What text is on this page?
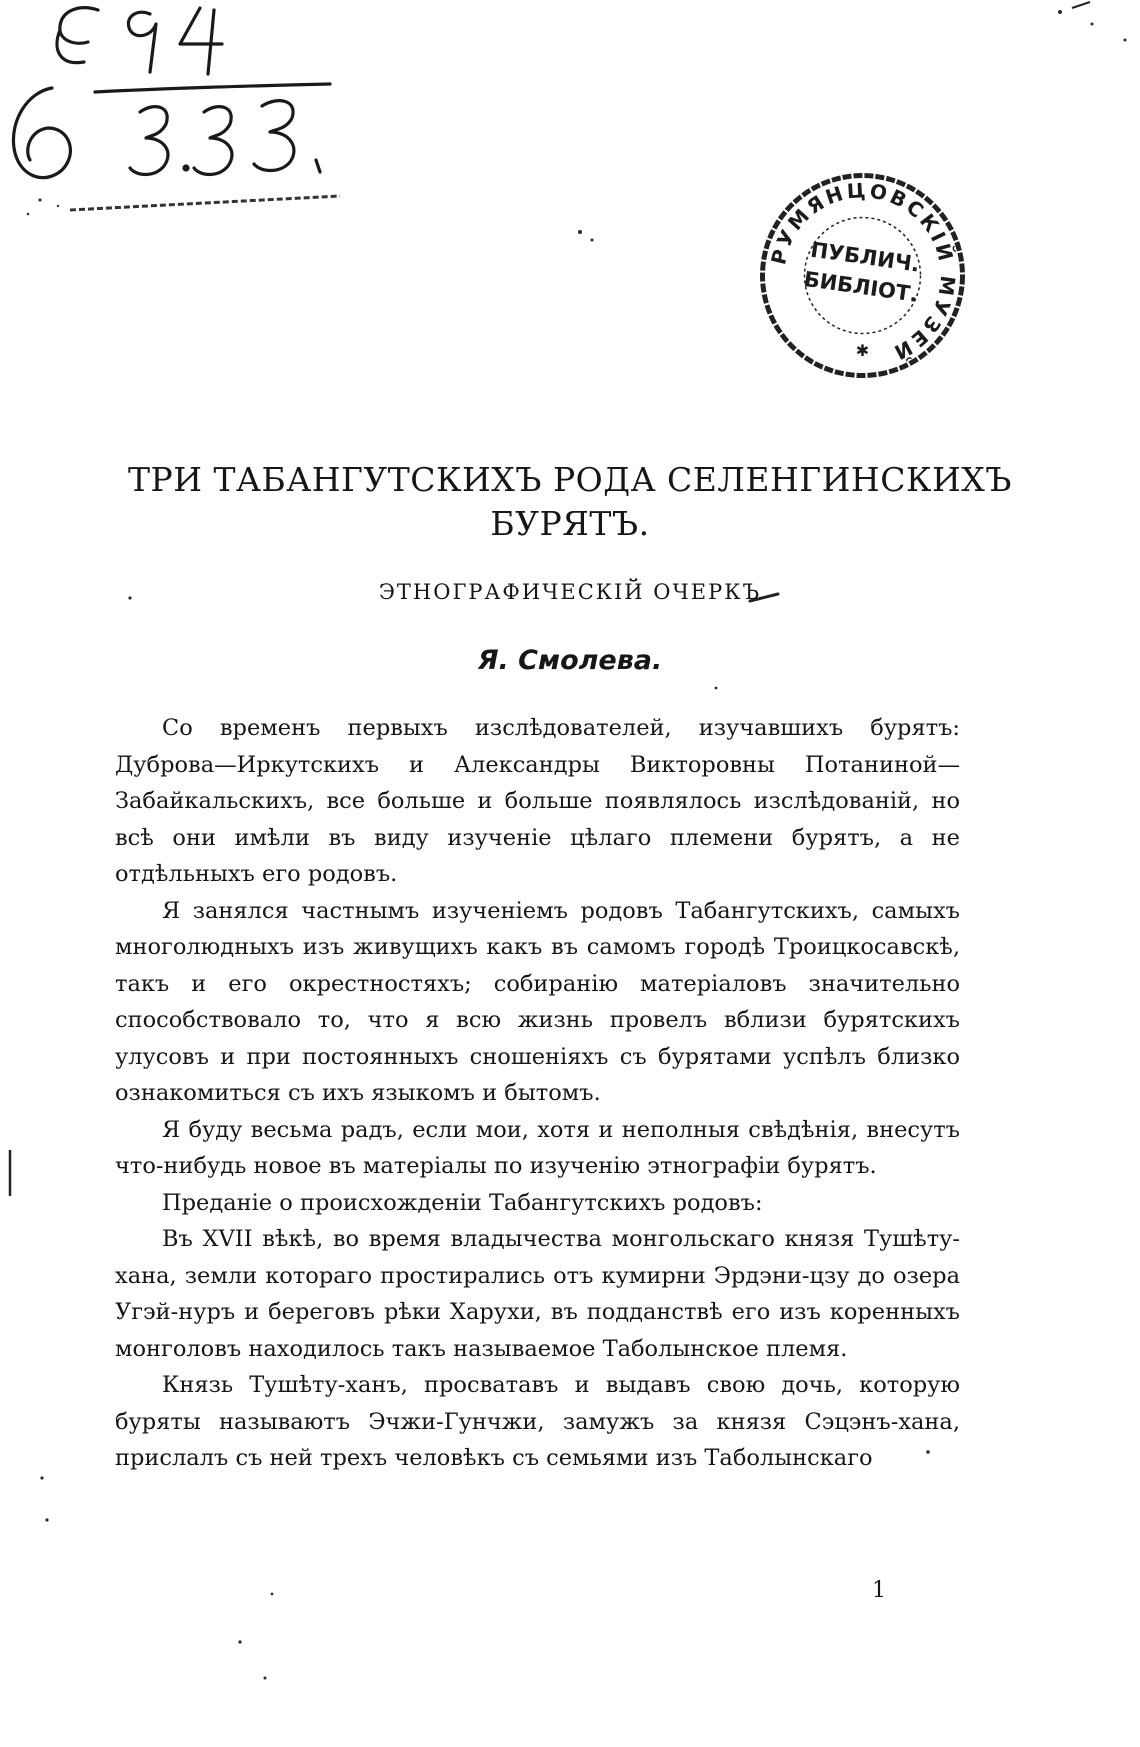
РУМЯНЦОВСКІЙ МУЗЕЙ
ПУБЛИЧ.
БИБЛІОТ.
✱
ТРИ ТАБАНГУТСКИХЪ РОДА СЕЛЕНГИНСКИХЪ БУРЯТЪ.

ЭТНОГРАФИЧЕСКІЙ ОЧЕРКЪ

Я. Смолева.

Со временъ первыхъ изслѣдователей, изучавшихъ бурятъ: Дуброва—Иркутскихъ и Александры Викторовны Потаниной—Забайкальскихъ, все больше и больше появлялось изслѣдованій, но всѣ они имѣли въ виду изученіе цѣлаго племени бурятъ, а не отдѣльныхъ его родовъ.

Я занялся частнымъ изученіемъ родовъ Табангутскихъ, самыхъ многолюдныхъ изъ живущихъ какъ въ самомъ городѣ Троицкосавскѣ, такъ и его окрестностяхъ; собиранію матеріаловъ значительно способствовало то, что я всю жизнь провелъ вблизи бурятскихъ улусовъ и при постоянныхъ сношеніяхъ съ бурятами успѣлъ близко ознакомиться съ ихъ языкомъ и бытомъ.

Я буду весьма радъ, если мои, хотя и неполныя свѣдѣнія, внесутъ что-нибудь новое въ матеріалы по изученію этнографіи бурятъ.

Преданіе о происхожденіи Табангутскихъ родовъ:

Въ XVII вѣкѣ, во время владычества монгольскаго князя Тушѣту-хана, земли котораго простирались отъ кумирни Эрдэни-цзу до озера Угэй-нуръ и береговъ рѣки Харухи, въ подданствѣ его изъ коренныхъ монголовъ находилось такъ называемое Таболынское племя.

Князь Тушѣту-ханъ, просватавъ и выдавъ свою дочь, которую буряты называютъ Эчжи-Гунчжи, замужъ за князя Сэцэнъ-хана, прислалъ съ ней трехъ человѣкъ съ семьями изъ Таболынскаго

1
